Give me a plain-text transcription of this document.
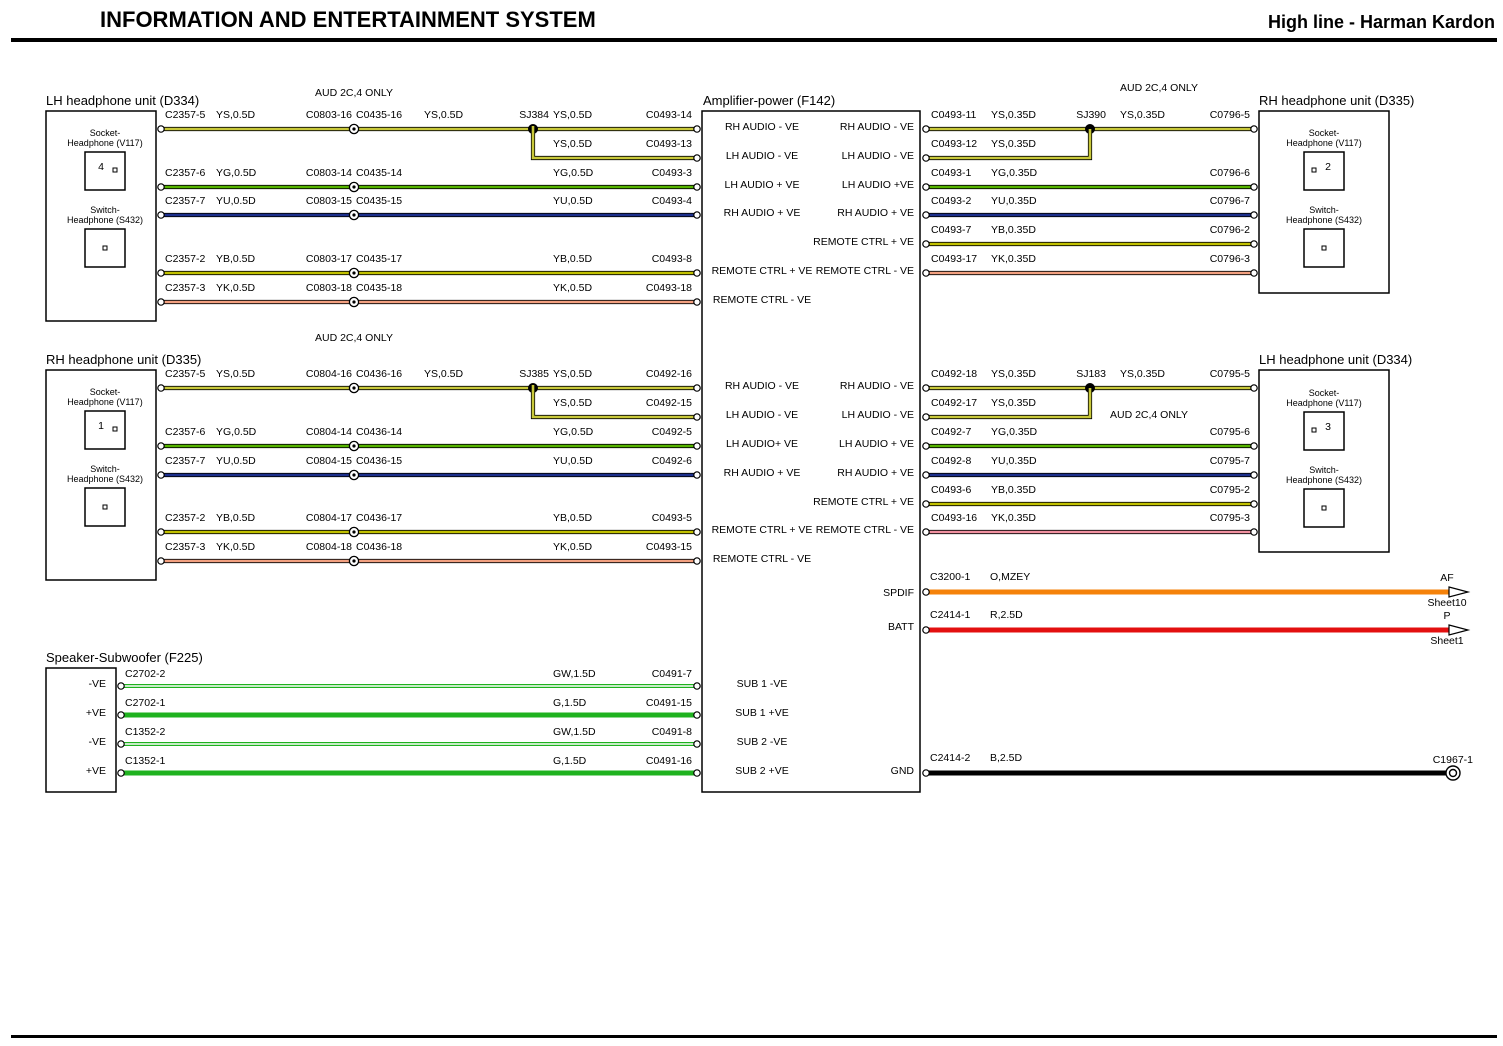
INFORMATION AND ENTERTAINMENT SYSTEM	High line - Harman Kardon
Amplifier-power (F142)
LH headphone unit (D334)
RH headphone unit (D335)
Speaker-Subwoofer (F225)
RH headphone unit (D335)
LH headphone unit (D334)
AUD 2C,4 ONLY
AUD 2C,4 ONLY
AUD 2C,4 ONLY
AUD 2C,4 ONLY
RH AUDIO - VE
LH AUDIO - VE
LH AUDIO + VE
RH AUDIO + VE
REMOTE CTRL + VE
REMOTE CTRL - VE
RH AUDIO - VE
LH AUDIO - VE
LH AUDIO+ VE
RH AUDIO + VE
REMOTE CTRL + VE
REMOTE CTRL - VE
SUB 1 -VE
SUB 1 +VE
SUB 2 -VE
SUB 2 +VE
RH AUDIO - VE
LH AUDIO - VE
LH AUDIO +VE
RH AUDIO + VE
REMOTE CTRL + VE
REMOTE CTRL - VE
RH AUDIO - VE
LH AUDIO - VE
LH AUDIO + VE
RH AUDIO + VE
REMOTE CTRL + VE
REMOTE CTRL - VE
SPDIF
BATT
GND
C2357-5 YS,0.5D	C0803-16 C0435-16 YS,0.5D	SJ384 YS,0.5D	C0493-14
YS,0.5D	C0493-13
C2357-6 YG,0.5D	C0803-14 C0435-14	YG,0.5D	C0493-3
C2357-7 YU,0.5D	C0803-15 C0435-15	YU,0.5D	C0493-4
C2357-2 YB,0.5D	C0803-17 C0435-17	YB,0.5D	C0493-8
C2357-3 YK,0.5D	C0803-18 C0435-18	YK,0.5D	C0493-18
C2357-5 YS,0.5D	C0804-16 C0436-16 YS,0.5D	SJ385 YS,0.5D	C0492-16
YS,0.5D	C0492-15
C2357-6 YG,0.5D	C0804-14 C0436-14	YG,0.5D	C0492-5
C2357-7 YU,0.5D	C0804-15 C0436-15	YU,0.5D	C0492-6
C2357-2 YB,0.5D	C0804-17 C0436-17	YB,0.5D	C0493-5
C2357-3 YK,0.5D	C0804-18 C0436-18	YK,0.5D	C0493-15
C0493-11 YS,0.35D	SJ390 YS,0.35D	C0796-5
C0493-12 YS,0.35D
C0493-1 YG,0.35D	C0796-6
C0493-2 YU,0.35D	C0796-7
C0493-7 YB,0.35D	C0796-2
C0493-17 YK,0.35D	C0796-3
C0492-18 YS,0.35D	SJ183 YS,0.35D	C0795-5
C0492-17 YS,0.35D
C0492-7 YG,0.35D	C0795-6
C0492-8 YU,0.35D	C0795-7
C0493-6 YB,0.35D	C0795-2
C0493-16 YK,0.35D	C0795-3
C2702-2	GW,1.5D	C0491-7
-VE
C2702-1	G,1.5D	C0491-15
+VE
C1352-2	GW,1.5D	C0491-8
-VE
C1352-1	G,1.5D	C0491-16
+VE
C3200-1 O,MZEY	AF
Sheet10
C2414-1 R,2.5D	P
Sheet1
C2414-2 B,2.5D	C1967-1
Socket-
Headphone (V117)
4
Switch-
Headphone (S432)
Socket-
Headphone (V117)
1
Switch-
Headphone (S432)
Socket-
Headphone (V117)
2
Switch-
Headphone (S432)
Socket-
Headphone (V117)
3
Switch-
Headphone (S432)
